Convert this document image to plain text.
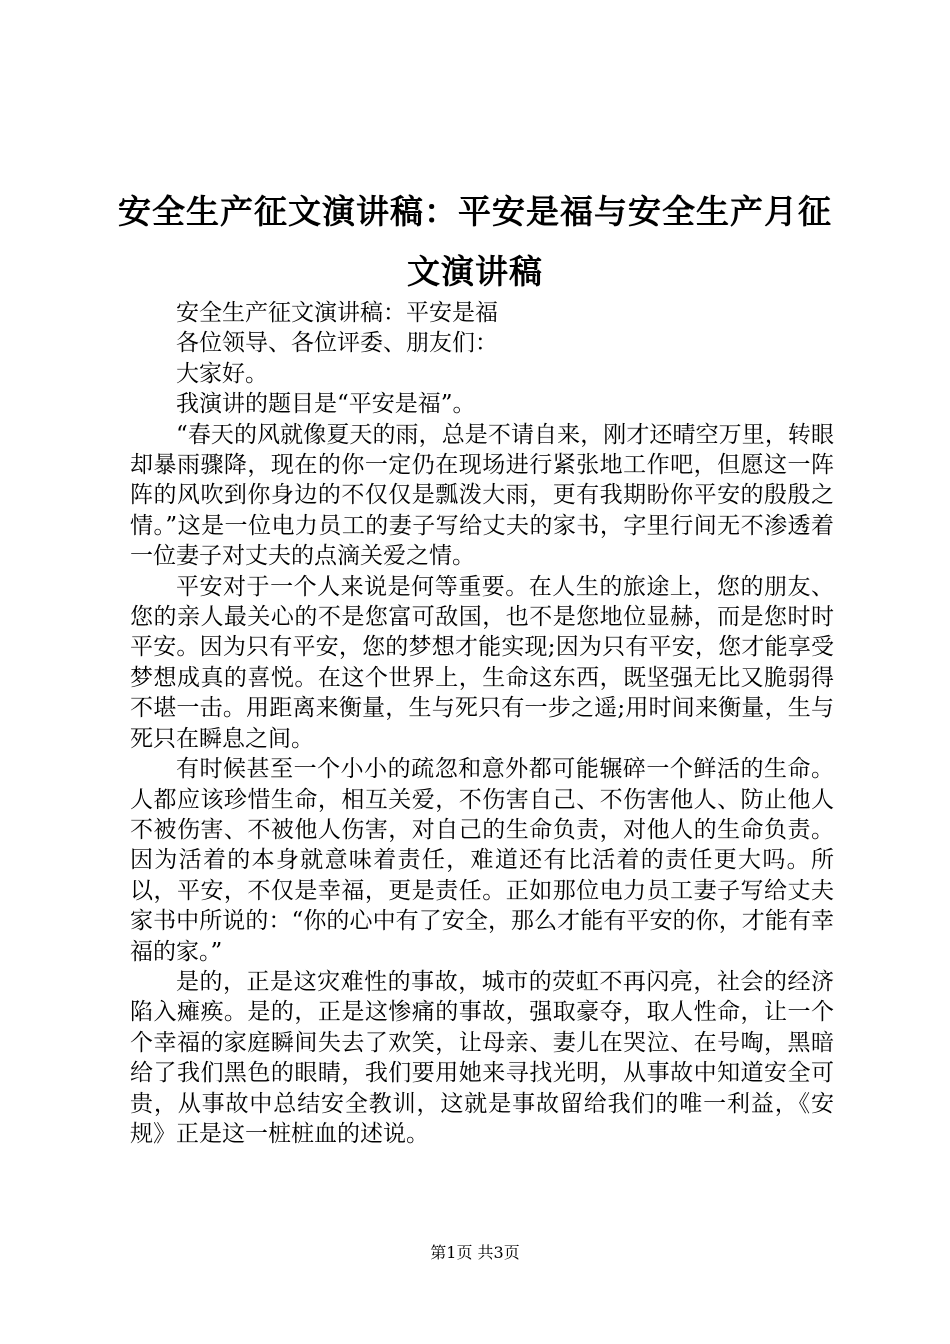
安全生产征文演讲稿：平安是福与安全生产月征文演讲稿

安全生产征文演讲稿：平安是福

各位领导、各位评委、朋友们：

大家好。

我演讲的题目是“平安是福”。

“春天的风就像夏天的雨，总是不请自来，刚才还晴空万里，转眼却暴雨骤降，现在的你一定仍在现场进行紧张地工作吧，但愿这一阵阵的风吹到你身边的不仅仅是瓢泼大雨，更有我期盼你平安的殷殷之情。”这是一位电力员工的妻子写给丈夫的家书，字里行间无不渗透着一位妻子对丈夫的点滴关爱之情。

平安对于一个人来说是何等重要。在人生的旅途上，您的朋友、您的亲人最关心的不是您富可敌国，也不是您地位显赫，而是您时时平安。因为只有平安，您的梦想才能实现;因为只有平安，您才能享受梦想成真的喜悦。在这个世界上，生命这东西，既坚强无比又脆弱得不堪一击。用距离来衡量，生与死只有一步之遥;用时间来衡量，生与死只在瞬息之间。

有时候甚至一个小小的疏忽和意外都可能辗碎一个鲜活的生命。人都应该珍惜生命，相互关爱，不伤害自己、不伤害他人、防止他人不被伤害、不被他人伤害，对自己的生命负责，对他人的生命负责。因为活着的本身就意味着责任，难道还有比活着的责任更大吗。所以，平安，不仅是幸福，更是责任。正如那位电力员工妻子写给丈夫家书中所说的：“你的心中有了安全，那么才能有平安的你，才能有幸福的家。”

是的，正是这灾难性的事故，城市的荧虹不再闪亮，社会的经济陷入瘫痪。是的，正是这惨痛的事故，强取豪夺，取人性命，让一个个幸福的家庭瞬间失去了欢笑，让母亲、妻儿在哭泣、在号啕，黑暗给了我们黑色的眼睛，我们要用她来寻找光明，从事故中知道安全可贵，从事故中总结安全教训，这就是事故留给我们的唯一利益，《安规》正是这一桩桩血的述说。

第1页 共3页
